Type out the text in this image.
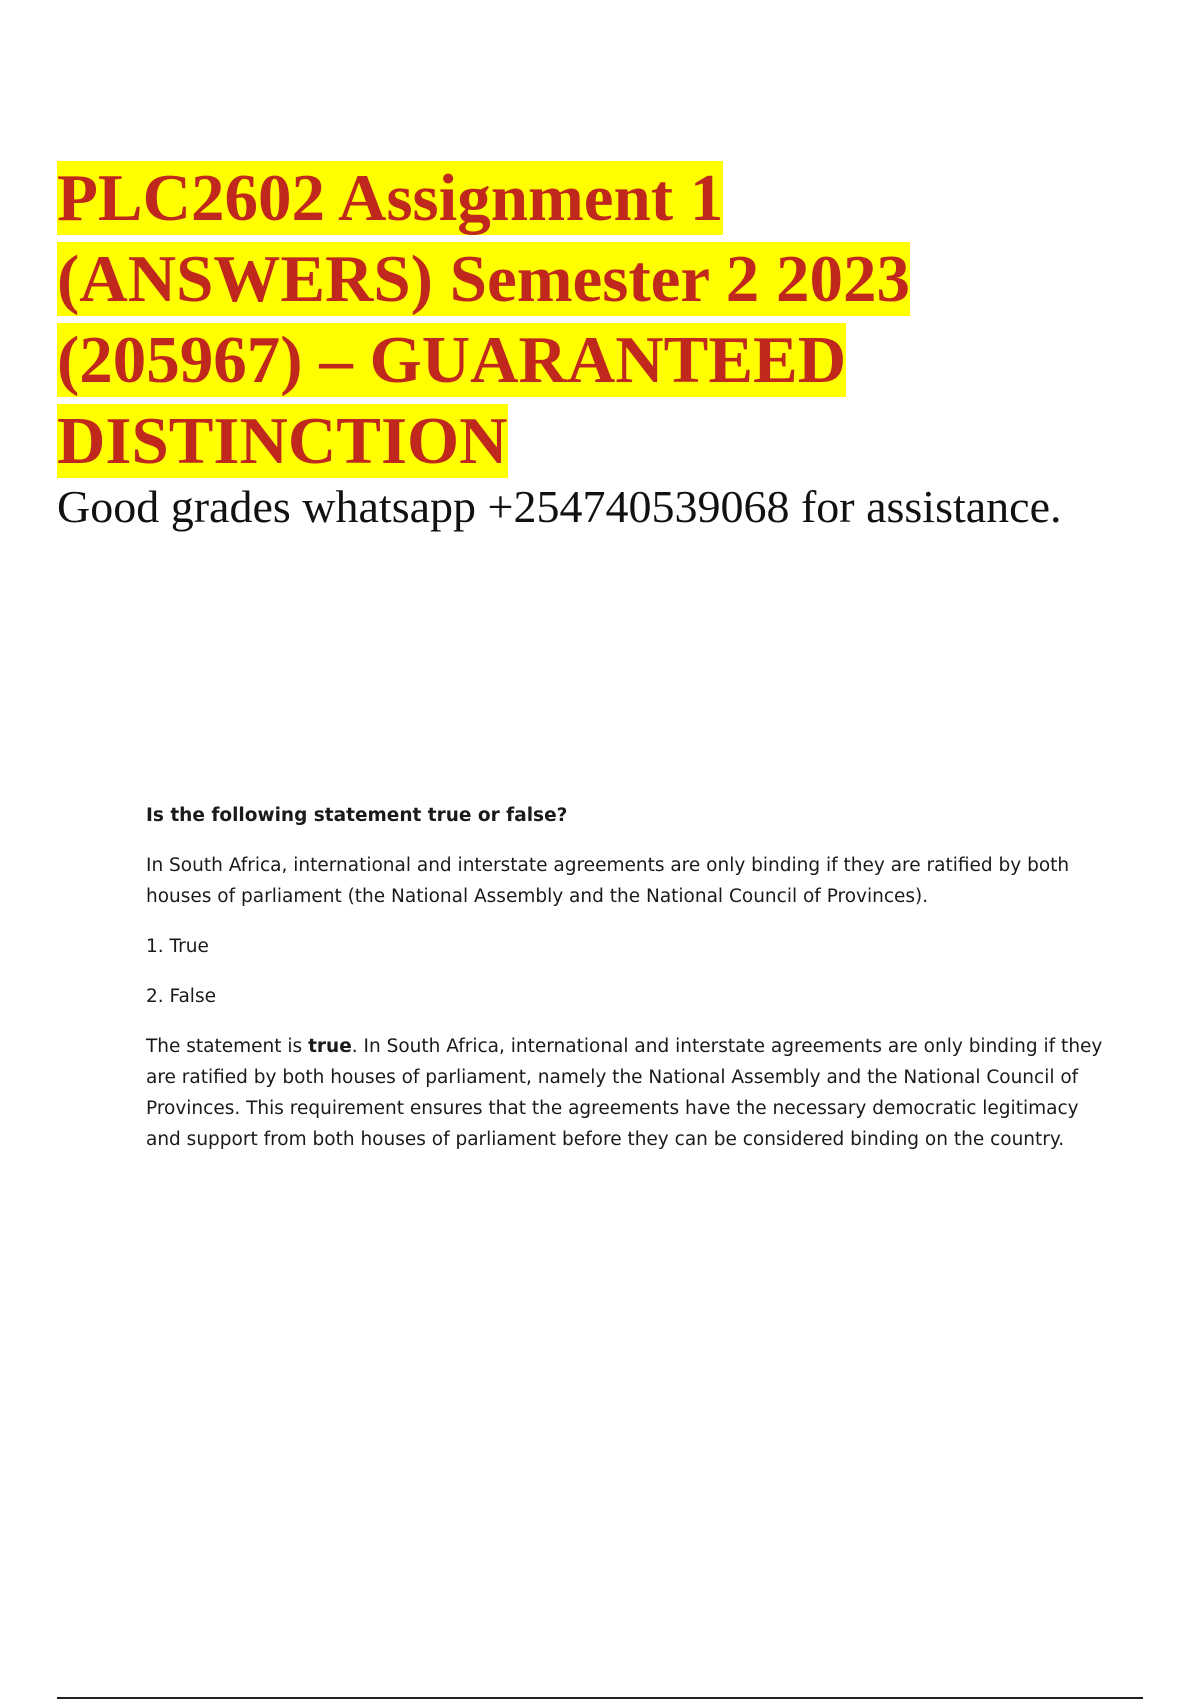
PLC2602 Assignment 1
(ANSWERS) Semester 2 2023
(205967) – GUARANTEED
DISTINCTION
Good grades whatsapp +254740539068 for assistance.

Is the following statement true or false?

In South Africa, international and interstate agreements are only binding if they are ratified by both houses of parliament (the National Assembly and the National Council of Provinces).

1. True

2. False

The statement is true. In South Africa, international and interstate agreements are only binding if they are ratified by both houses of parliament, namely the National Assembly and the National Council of Provinces. This requirement ensures that the agreements have the necessary democratic legitimacy and support from both houses of parliament before they can be considered binding on the country.
